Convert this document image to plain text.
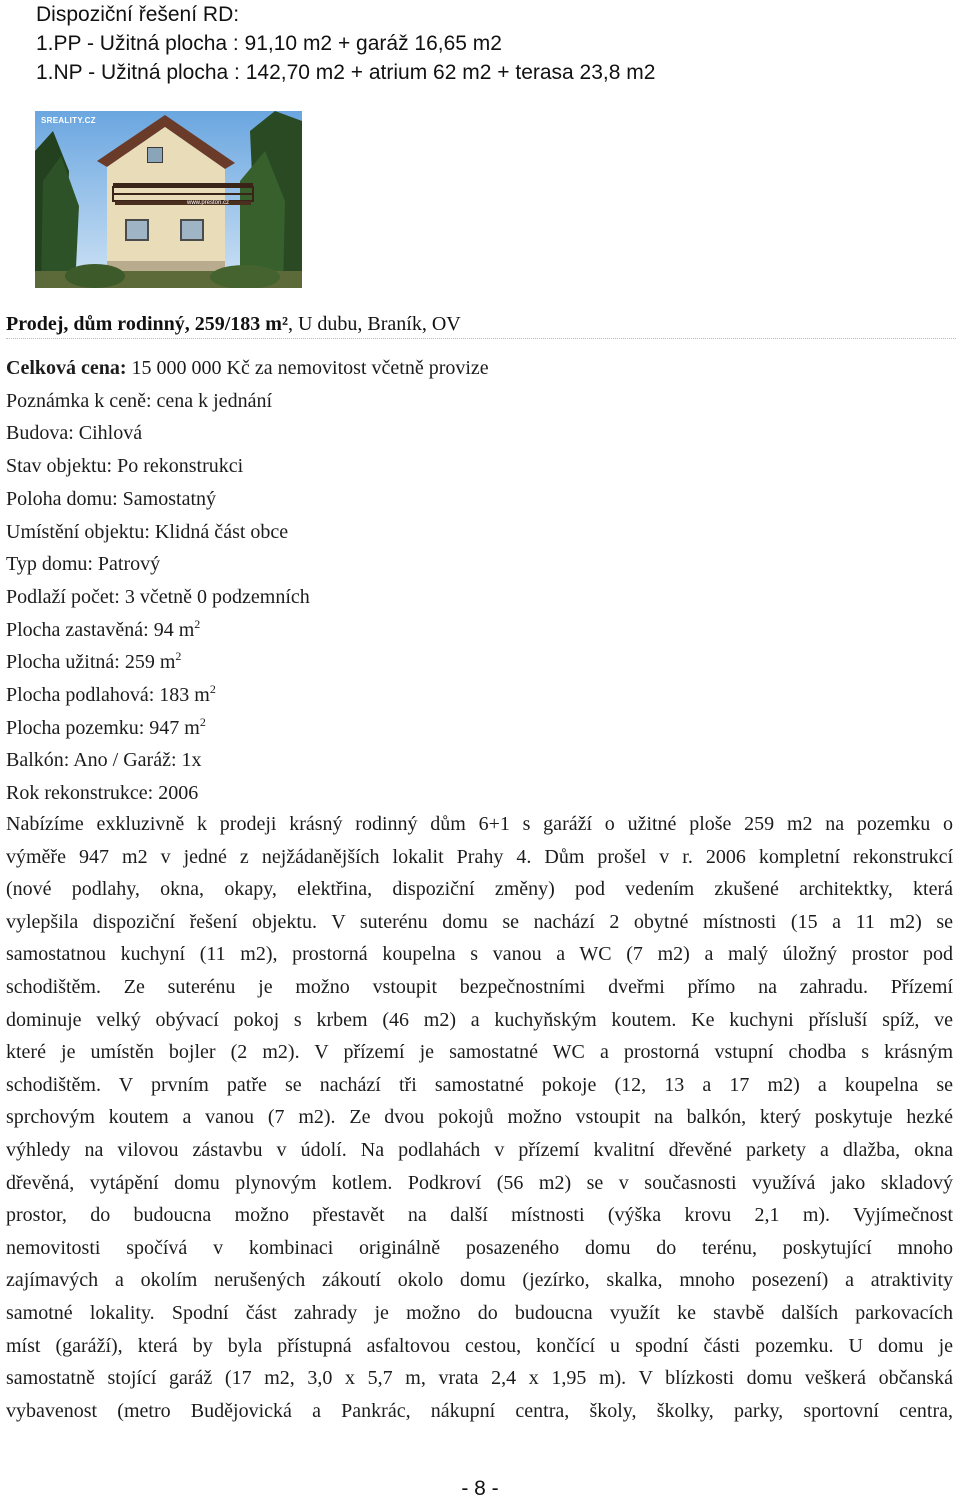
Dispoziční řešení RD:
1.PP - Užitná plocha : 91,10 m2 + garáž 16,65 m2
1.NP - Užitná plocha : 142,70 m2 + atrium 62 m2 + terasa 23,8 m2
SREALITY.CZ
www.preston.cz
Prodej, dům rodinný, 259/183 m², U dubu, Braník, OV
Celková cena: 15 000 000 Kč za nemovitost včetně provize
Poznámka k ceně: cena k jednání
Budova: Cihlová
Stav objektu: Po rekonstrukci
Poloha domu: Samostatný
Umístění objektu: Klidná část obce
Typ domu: Patrový
Podlaží počet: 3 včetně 0 podzemních
Plocha zastavěná: 94 $m^2$
Plocha užitná: 259 $m^2$
Plocha podlahová: 183 $m^2$
Plocha pozemku: 947 $m^2$
Balkón: Ano / Garáž: 1x
Rok rekonstrukce: 2006
Nabízíme exkluzivně k prodeji krásný rodinný dům 6+1 s garáží o užitné ploše 259 m2 na pozemku o
výměře 947 m2 v jedné z nejžádanějších lokalit Prahy 4. Dům prošel v r. 2006 kompletní rekonstrukcí
(nové podlahy, okna, okapy, elektřina, dispoziční změny) pod vedením zkušené architektky, která
vylepšila dispoziční řešení objektu. V suterénu domu se nachází 2 obytné místnosti (15 a 11 m2) se
samostatnou kuchyní (11 m2), prostorná koupelna s vanou a WC (7 m2) a malý úložný prostor pod
schodištěm. Ze suterénu je možno vstoupit bezpečnostními dveřmi přímo na zahradu. Přízemí
dominuje velký obývací pokoj s krbem (46 m2) a kuchyňským koutem. Ke kuchyni přísluší spíž, ve
které je umístěn bojler (2 m2). V přízemí je samostatné WC a prostorná vstupní chodba s krásným
schodištěm. V prvním patře se nachází tři samostatné pokoje (12, 13 a 17 m2) a koupelna se
sprchovým koutem a vanou (7 m2). Ze dvou pokojů možno vstoupit na balkón, který poskytuje hezké
výhledy na vilovou zástavbu v údolí. Na podlahách v přízemí kvalitní dřevěné parkety a dlažba, okna
dřevěná, vytápění domu plynovým kotlem. Podkroví (56 m2) se v současnosti využívá jako skladový
prostor, do budoucna možno přestavět na další místnosti (výška krovu 2,1 m). Vyjímečnost
nemovitosti spočívá v kombinaci originálně posazeného domu do terénu, poskytující mnoho
zajímavých a okolím nerušených zákoutí okolo domu (jezírko, skalka, mnoho posezení) a atraktivity
samotné lokality. Spodní část zahrady je možno do budoucna využít ke stavbě dalších parkovacích
míst (garáží), která by byla přístupná asfaltovou cestou, končící u spodní části pozemku. U domu je
samostatně stojící garáž (17 m2, 3,0 x 5,7 m, vrata 2,4 x 1,95 m). V blízkosti domu veškerá občanská
vybavenost (metro Budějovická a Pankrác, nákupní centra, školy, školky, parky, sportovní centra,
- 8 -
